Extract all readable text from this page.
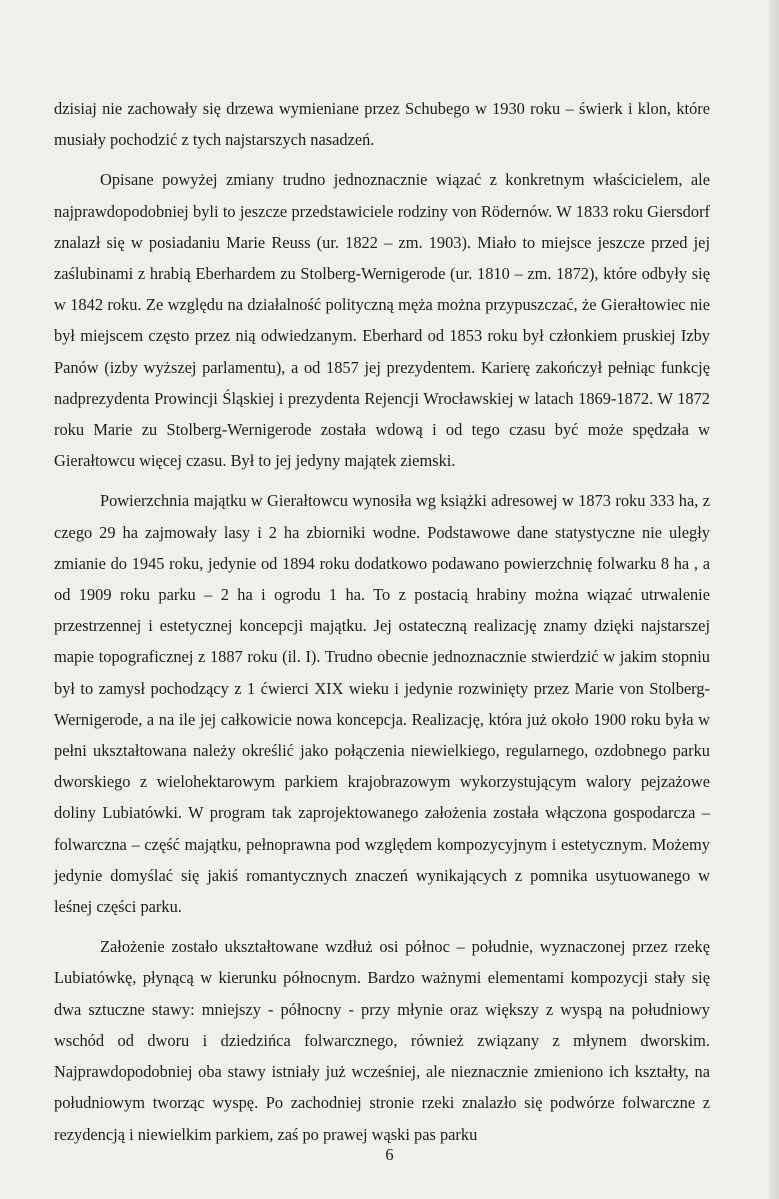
dzisiaj nie zachowały się drzewa wymieniane przez Schubego w 1930 roku – świerk i klon, które musiały pochodzić z tych najstarszych nasadzeń.

Opisane powyżej zmiany trudno jednoznacznie wiązać z konkretnym właścicielem, ale najprawdopodobniej byli to jeszcze przedstawiciele rodziny von Rödernów. W 1833 roku Giersdorf znalazł się w posiadaniu Marie Reuss (ur. 1822 – zm. 1903). Miało to miejsce jeszcze przed jej zaślubinami z hrabią Eberhardem zu Stolberg-Wernigerode (ur. 1810 – zm. 1872), które odbyły się w 1842 roku. Ze względu na działalność polityczną męża można przypuszczać, że Gierałtowiec nie był miejscem często przez nią odwiedzanym. Eberhard od 1853 roku był członkiem pruskiej Izby Panów (izby wyższej parlamentu), a od 1857 jej prezydentem. Karierę zakończył pełniąc funkcję nadprezydenta Prowincji Śląskiej i prezydenta Rejencji Wrocławskiej w latach 1869-1872. W 1872 roku Marie zu Stolberg-Wernigerode została wdową i od tego czasu być może spędzała w Gierałtowcu więcej czasu. Był to jej jedyny majątek ziemski.

Powierzchnia majątku w Gierałtowcu wynosiła wg książki adresowej w 1873 roku 333 ha, z czego 29 ha zajmowały lasy i 2 ha zbiorniki wodne. Podstawowe dane statystyczne nie uległy zmianie do 1945 roku, jedynie od 1894 roku dodatkowo podawano powierzchnię folwarku 8 ha , a od 1909 roku parku – 2 ha i ogrodu 1 ha. To z postacią hrabiny można wiązać utrwalenie przestrzennej i estetycznej koncepcji majątku. Jej ostateczną realizację znamy dzięki najstarszej mapie topograficznej z 1887 roku (il. I). Trudno obecnie jednoznacznie stwierdzić w jakim stopniu był to zamysł pochodzący z 1 ćwierci XIX wieku i jedynie rozwinięty przez Marie von Stolberg-Wernigerode, a na ile jej całkowicie nowa koncepcja. Realizację, która już około 1900 roku była w pełni ukształtowana należy określić jako połączenia niewielkiego, regularnego, ozdobnego parku dworskiego z wielohektarowym parkiem krajobrazowym wykorzystującym walory pejzażowe doliny Lubiatówki. W program tak zaprojektowanego założenia została włączona gospodarcza – folwarczna – część majątku, pełnoprawna pod względem kompozycyjnym i estetycznym. Możemy jedynie domyślać się jakiś romantycznych znaczeń wynikających z pomnika usytuowanego w leśnej części parku.

Założenie zostało ukształtowane wzdłuż osi północ – południe, wyznaczonej przez rzekę Lubiatówkę, płynącą w kierunku północnym. Bardzo ważnymi elementami kompozycji stały się dwa sztuczne stawy: mniejszy - północny - przy młynie oraz większy z wyspą na południowy wschód od dworu i dziedzińca folwarcznego, również związany z młynem dworskim. Najprawdopodobniej oba stawy istniały już wcześniej, ale nieznacznie zmieniono ich kształty, na południowym tworząc wyspę. Po zachodniej stronie rzeki znalazło się podwórze folwarczne z rezydencją i niewielkim parkiem, zaś po prawej wąski pas parku

6
